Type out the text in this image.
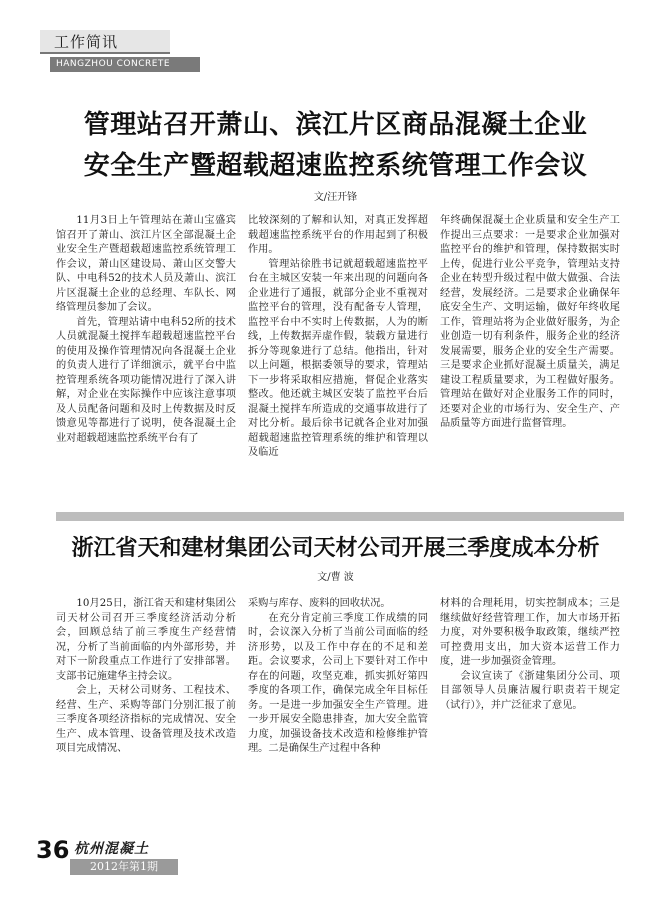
工作简讯
HANGZHOU CONCRETE
管理站召开萧山、滨江片区商品混凝土企业
安全生产暨超载超速监控系统管理工作会议
文/汪开锋

11月3日上午管理站在萧山宝盛宾馆召开了萧山、滨江片区全部混凝土企业安全生产暨超载超速监控系统管理工作会议，萧山区建设局、萧山区交警大队、中电科52的技术人员及萧山、滨江片区混凝土企业的总经理、车队长、网络管理员参加了会议。

首先，管理站请中电科52所的技术人员就混凝土搅拌车超载超速监控平台的使用及操作管理情况向各混凝土企业的负责人进行了详细演示，就平台中监控管理系统各项功能情况进行了深入讲解，对企业在实际操作中应该注意事项及人员配备问题和及时上传数据及时反馈意见等都进行了说明，使各混凝土企业对超载超速监控系统平台有了

比较深刻的了解和认知，对真正发挥超载超速监控系统平台的作用起到了积极作用。

管理站徐胜书记就超载超速监控平台在主城区安装一年来出现的问题向各企业进行了通报，就部分企业不重视对监控平台的管理，没有配备专人管理，监控平台中不实时上传数据，人为的断线，上传数据弄虚作假，装载方量进行拆分等现象进行了总结。他指出，针对以上问题，根据委领导的要求，管理站下一步将采取相应措施，督促企业落实整改。他还就主城区安装了监控平台后混凝土搅拌车所造成的交通事故进行了对比分析。最后徐书记就各企业对加强超载超速监控管理系统的维护和管理以及临近

年终确保混凝土企业质量和安全生产工作提出三点要求：一是要求企业加强对监控平台的维护和管理，保持数据实时上传，促进行业公平竞争，管理站支持企业在转型升级过程中做大做强、合法经营，发展经济。二是要求企业确保年底安全生产、文明运输，做好年终收尾工作，管理站将为企业做好服务，为企业创造一切有利条件，服务企业的经济发展需要，服务企业的安全生产需要。三是要求企业抓好混凝土质量关，满足建设工程质量要求，为工程做好服务。管理站在做好对企业服务工作的同时，还要对企业的市场行为、安全生产、产品质量等方面进行监督管理。

浙江省天和建材集团公司天材公司开展三季度成本分析
文/曹 波

10月25日，浙江省天和建材集团公司天材公司召开三季度经济活动分析会，回顾总结了前三季度生产经营情况，分析了当前面临的内外部形势，并对下一阶段重点工作进行了安排部署。支部书记施建华主持会议。

会上，天材公司财务、工程技术、经营、生产、采购等部门分别汇报了前三季度各项经济指标的完成情况、安全生产、成本管理、设备管理及技术改造项目完成情况、

采购与库存、废料的回收状况。

在充分肯定前三季度工作成绩的同时，会议深入分析了当前公司面临的经济形势，以及工作中存在的不足和差距。会议要求，公司上下要针对工作中存在的问题，攻坚克难，抓实抓好第四季度的各项工作，确保完成全年目标任务。一是进一步加强安全生产管理。进一步开展安全隐患排查，加大安全监管力度，加强设备技术改造和检修维护管理。二是确保生产过程中各种

材料的合理耗用，切实控制成本；三是继续做好经营管理工作，加大市场开拓力度，对外要积极争取政策，继续严控可控费用支出，加大资本运营工作力度，进一步加强资金管理。

会议宣读了《浙建集团分公司、项目部领导人员廉洁履行职责若干规定（试行）》，并广泛征求了意见。

36 杭州混凝土
2012年第1期
